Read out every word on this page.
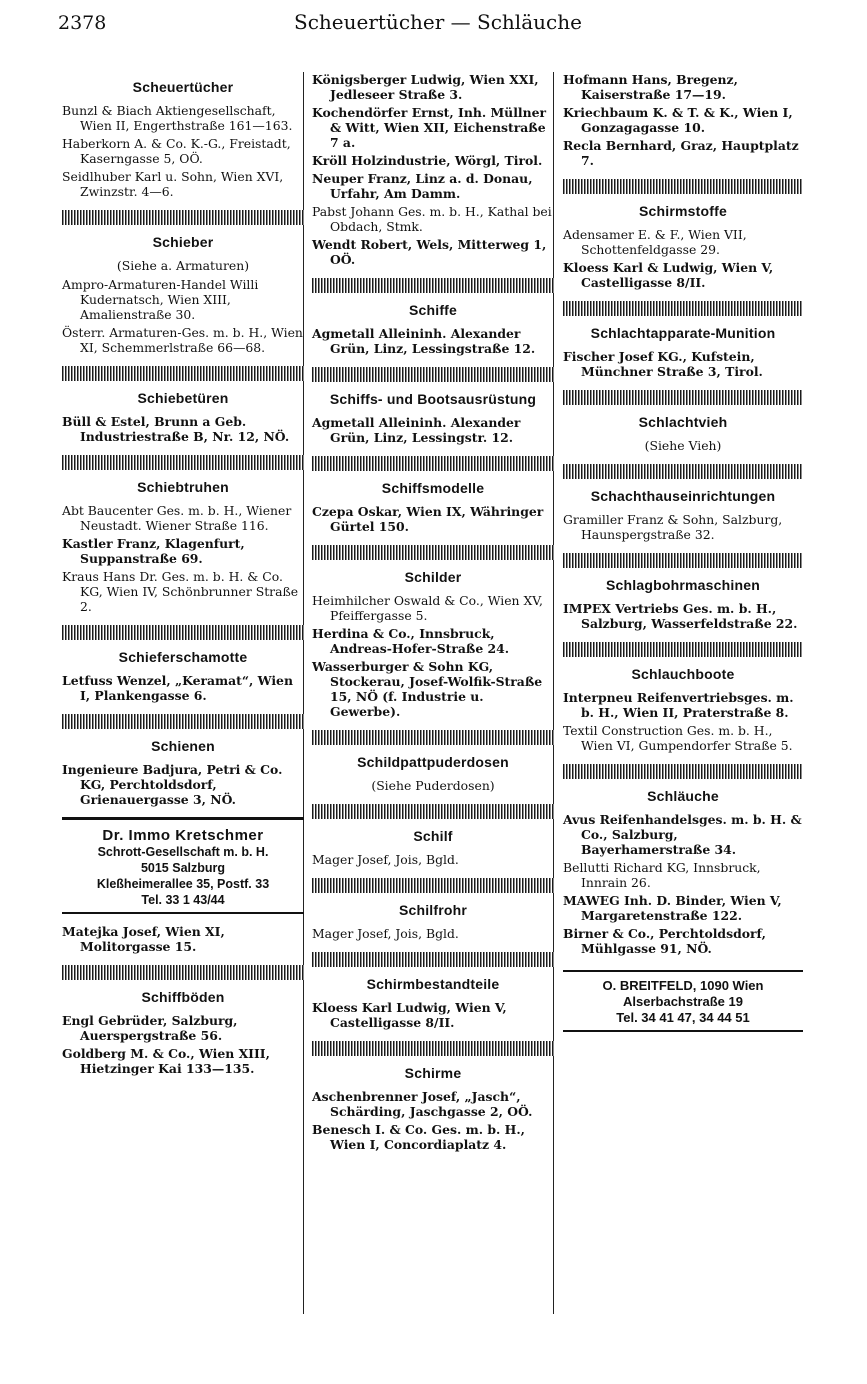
2378	Scheuertücher — Schläuche
Scheuertücher
Bunzl & Biach Aktiengesellschaft, Wien II, Engerthstraße 161—163.
Haberkorn A. & Co. K.-G., Freistadt, Kaserngasse 5, OÖ.
Seidlhuber Karl u. Sohn, Wien XVI, Zwinzstr. 4—6.
Schieber
(Siehe a. Armaturen)
Ampro-Armaturen-Handel Willi Kudernatsch, Wien XIII, Amalienstraße 30.
Österr. Armaturen-Ges. m. b. H., Wien XI, Schemmerlstraße 66—68.
Schiebetüren
Büll & Estel, Brunn a Geb. Industriestraße B, Nr. 12, NÖ.
Schiebtruhen
Abt Baucenter Ges. m. b. H., Wiener Neustadt. Wiener Straße 116.
Kastler Franz, Klagenfurt, Suppanstraße 69.
Kraus Hans Dr. Ges. m. b. H. & Co. KG, Wien IV, Schönbrunner Straße 2.
Schieferschamotte
Letfuss Wenzel, „Keramat“, Wien I, Plankengasse 6.
Schienen
Ingenieure Badjura, Petri & Co. KG, Perchtoldsdorf, Grienauergasse 3, NÖ.
Dr. Immo Kretschmer
Schrott-Gesellschaft m. b. H.
5015 Salzburg
Kleßheimerallee 35, Postf. 33
Tel. 33 1 43/44
Matejka Josef, Wien XI, Molitorgasse 15.
Schiffböden
Engl Gebrüder, Salzburg, Auerspergstraße 56.
Goldberg M. & Co., Wien XIII, Hietzinger Kai 133—135.
Königsberger Ludwig, Wien XXI, Jedleseer Straße 3.
Kochendörfer Ernst, Inh. Müllner & Witt, Wien XII, Eichenstraße 7 a.
Kröll Holzindustrie, Wörgl, Tirol.
Neuper Franz, Linz a. d. Donau, Urfahr, Am Damm.
Pabst Johann Ges. m. b. H., Kathal bei Obdach, Stmk.
Wendt Robert, Wels, Mitterweg 1, OÖ.
Schiffe
Agmetall Alleininh. Alexander Grün, Linz, Lessingstraße 12.
Schiffs- und Bootsausrüstung
Agmetall Alleininh. Alexander Grün, Linz, Lessingstr. 12.
Schiffsmodelle
Czepa Oskar, Wien IX, Währinger Gürtel 150.
Schilder
Heimhilcher Oswald & Co., Wien XV, Pfeiffergasse 5.
Herdina & Co., Innsbruck, Andreas-Hofer-Straße 24.
Wasserburger & Sohn KG, Stockerau, Josef-Wolfik-Straße 15, NÖ (f. Industrie u. Gewerbe).
Schildpattpuderdosen
(Siehe Puderdosen)
Schilf
Mager Josef, Jois, Bgld.
Schilfrohr
Mager Josef, Jois, Bgld.
Schirmbestandteile
Kloess Karl Ludwig, Wien V, Castelligasse 8/II.
Schirme
Aschenbrenner Josef, „Jasch“, Schärding, Jaschgasse 2, OÖ.
Benesch I. & Co. Ges. m. b. H., Wien I, Concordiaplatz 4.
Hofmann Hans, Bregenz, Kaiserstraße 17—19.
Kriechbaum K. & T. & K., Wien I, Gonzagagasse 10.
Recla Bernhard, Graz, Hauptplatz 7.
Schirmstoffe
Adensamer E. & F., Wien VII, Schottenfeldgasse 29.
Kloess Karl & Ludwig, Wien V, Castelligasse 8/II.
Schlachtapparate-Munition
Fischer Josef KG., Kufstein, Münchner Straße 3, Tirol.
Schlachtvieh
(Siehe Vieh)
Schachthauseinrichtungen
Gramiller Franz & Sohn, Salzburg, Haunspergstraße 32.
Schlagbohrmaschinen
IMPEX Vertriebs Ges. m. b. H., Salzburg, Wasserfeldstraße 22.
Schlauchboote
Interpneu Reifenvertriebsges. m. b. H., Wien II, Praterstraße 8.
Textil Construction Ges. m. b. H., Wien VI, Gumpendorfer Straße 5.
Schläuche
Avus Reifenhandelsges. m. b. H. & Co., Salzburg, Bayerhamerstraße 34.
Bellutti Richard KG, Innsbruck, Innrain 26.
MAWEG Inh. D. Binder, Wien V, Margaretenstraße 122.
Birner & Co., Perchtoldsdorf, Mühlgasse 91, NÖ.
O. BREITFELD, 1090 Wien
Alserbachstraße 19
Tel. 34 41 47, 34 44 51
